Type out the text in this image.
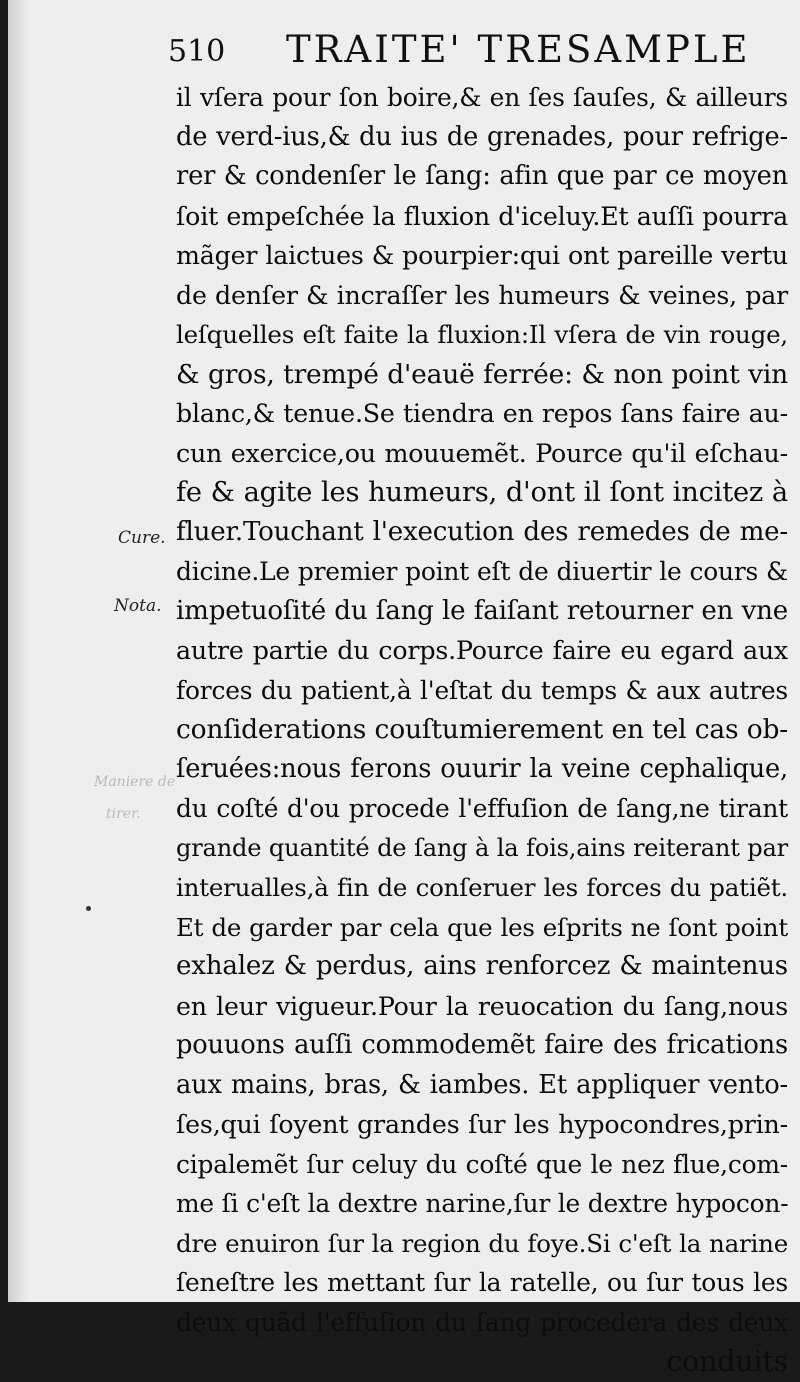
510 TRAITE' TRESAMPLE
Cure.
Nota.
Maniere de
tirer.
il vſera pour ſon boire,& en ſes ſauſes, & ailleurs
de verd-ius,& du ius de grenades, pour refrige-
rer & condenſer le ſang: afin que par ce moyen
ſoit empeſchée la fluxion d'iceluy.Et auſſi pourra
mãger laictues & pourpier:qui ont pareille vertu
de denſer & incraſſer les humeurs & veines, par
leſquelles eſt faite la fluxion:Il vſera de vin rouge,
& gros, trempé d'eauë ferrée: & non point vin
blanc,& tenue.Se tiendra en repos ſans faire au-
cun exercice,ou mouuemẽt. Pource qu'il eſchau-
fe & agite les humeurs, d'ont il ſont incitez à
fluer.Touchant l'execution des remedes de me-
dicine.Le premier point eſt de diuertir le cours &
impetuoſité du ſang le faiſant retourner en vne
autre partie du corps.Pource faire eu egard aux
forces du patient,à l'eſtat du temps & aux autres
conſiderations couſtumierement en tel cas ob-
ſeruées:nous ferons ouurir la veine cephalique,
du coſté d'ou procede l'effuſion de ſang,ne tirant
grande quantité de ſang à la fois,ains reiterant par
interualles,à fin de conſeruer les forces du patiẽt.
Et de garder par cela que les eſprits ne ſont point
exhalez & perdus, ains renforcez & maintenus
en leur vigueur.Pour la reuocation du ſang,nous
pouuons auſſi commodemẽt faire des frications
aux mains, bras, & iambes. Et appliquer vento-
ſes,qui ſoyent grandes ſur les hypocondres,prin-
cipalemẽt ſur celuy du coſté que le nez flue,com-
me ſi c'eſt la dextre narine,ſur le dextre hypocon-
dre enuiron ſur la region du foye.Si c'eſt la narine
ſeneſtre les mettant ſur la ratelle, ou ſur tous les
deux quãd l'effuſion du ſang procedera des deux
conduits
